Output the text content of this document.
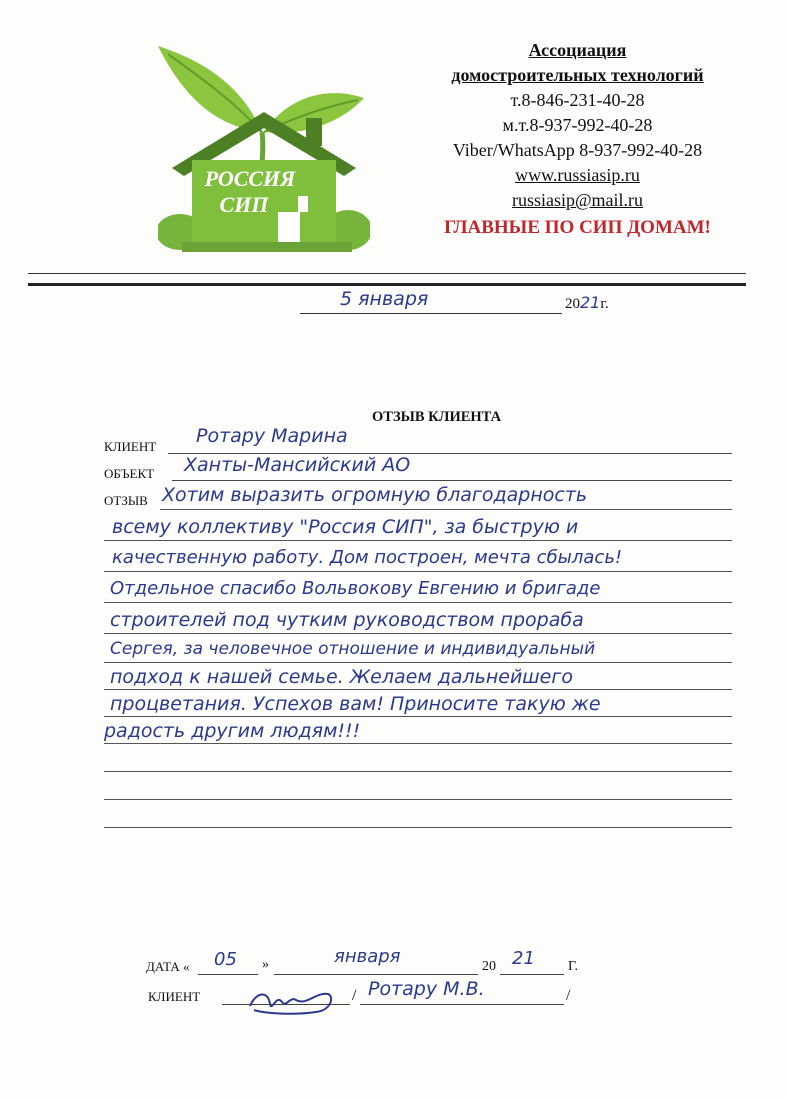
РОССИЯ
СИП
Ассоциация
домостроительных технологий
т.8-846-231-40-28
м.т.8-937-992-40-28
Viber/WhatsApp 8-937-992-40-28
www.russiasip.ru
russiasip@mail.ru
ГЛАВНЫЕ ПО СИП ДОМАМ!
5 января	2021г.
ОТЗЫВ КЛИЕНТА
КЛИЕНТ Ротару Марина
ОБЪЕКТ Ханты-Мансийский АО
ОТЗЫВ Хотим выразить огромную благодарность
всему коллективу "Россия СИП", за быструю и
качественную работу. Дом построен, мечта сбылась!
Отдельное спасибо Вольвокову Евгению и бригаде
строителей под чутким руководством прораба
Сергея, за человечное отношение и индивидуальный
подход к нашей семье. Желаем дальнейшего
процветания. Успехов вам! Приносите такую же
радость другим людям!!!
ДАТА « 05 »	января	20 21 Г.
КЛИЕНТ	/ Ротару М.В.	/
